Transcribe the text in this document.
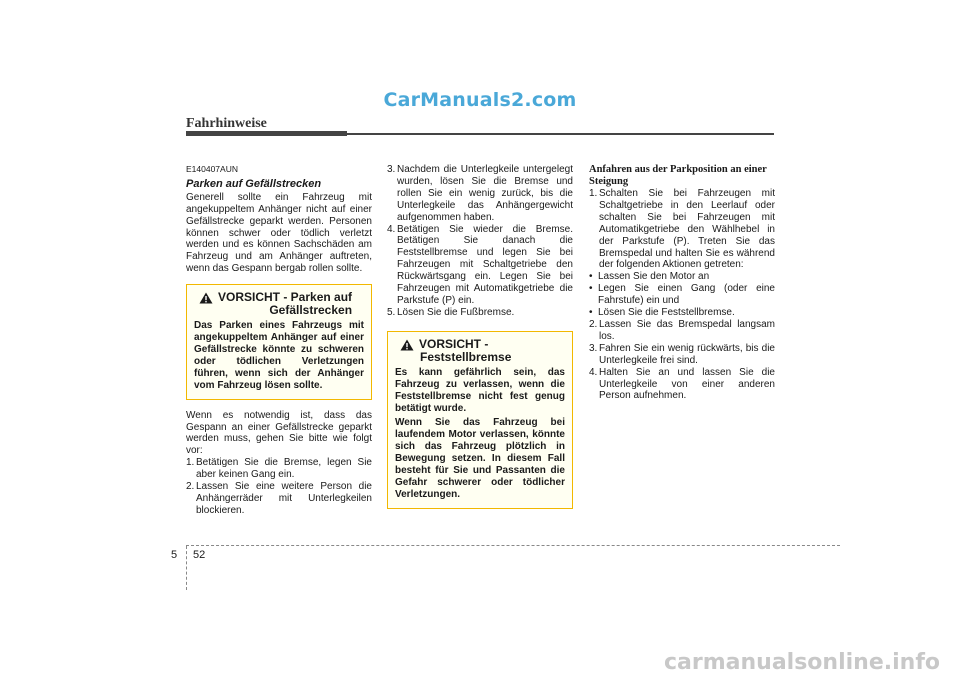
CarManuals2.com
Fahrhinweise
E140407AUN
Parken auf Gefällstrecken

Generell sollte ein Fahrzeug mit angekuppeltem Anhänger nicht auf einer Gefällstrecke geparkt werden. Personen können schwer oder tödlich verletzt werden und es können Sachschäden am Fahrzeug und am Anhänger auftreten, wenn das Gespann bergab rollen sollte.

VORSICHT - Parken auf
Gefällstrecken
Das Parken eines Fahrzeugs mit angekuppeltem Anhänger auf einer Gefällstrecke könnte zu schweren oder tödlichen Verletzungen führen, wenn sich der Anhänger vom Fahrzeug lösen sollte.

Wenn es notwendig ist, dass das Gespann an einer Gefällstrecke geparkt werden muss, gehen Sie bitte wie folgt vor:

1. Betätigen Sie die Bremse, legen Sie aber keinen Gang ein.
2. Lassen Sie eine weitere Person die Anhängerräder mit Unterlegkeilen blockieren.
3. Nachdem die Unterlegkeile untergelegt wurden, lösen Sie die Bremse und rollen Sie ein wenig zurück, bis die Unterlegkeile das Anhängergewicht aufgenommen haben.
4. Betätigen Sie wieder die Bremse. Betätigen Sie danach die Feststellbremse und legen Sie bei Fahrzeugen mit Schaltgetriebe den Rückwärtsgang ein. Legen Sie bei Fahrzeugen mit Automatikgetriebe die Parkstufe (P) ein.
5. Lösen Sie die Fußbremse.
VORSICHT -
Feststellbremse
Es kann gefährlich sein, das Fahrzeug zu verlassen, wenn die Feststellbremse nicht fest genug betätigt wurde.
Wenn Sie das Fahrzeug bei laufendem Motor verlassen, könnte sich das Fahrzeug plötzlich in Bewegung setzen. In diesem Fall besteht für Sie und Passanten die Gefahr schwerer oder tödlicher Verletzungen.
Anfahren aus der Parkposition an einer Steigung
1. Schalten Sie bei Fahrzeugen mit Schaltgetriebe in den Leerlauf oder schalten Sie bei Fahrzeugen mit Automatikgetriebe den Wählhebel in der Parkstufe (P). Treten Sie das Bremspedal und halten Sie es während der folgenden Aktionen getreten:
• Lassen Sie den Motor an
• Legen Sie einen Gang (oder eine Fahrstufe) ein und
• Lösen Sie die Feststellbremse.
2. Lassen Sie das Bremspedal langsam los.
3. Fahren Sie ein wenig rückwärts, bis die Unterlegkeile frei sind.
4. Halten Sie an und lassen Sie die Unterlegkeile von einer anderen Person aufnehmen.
5 52
carmanualsonline.info
